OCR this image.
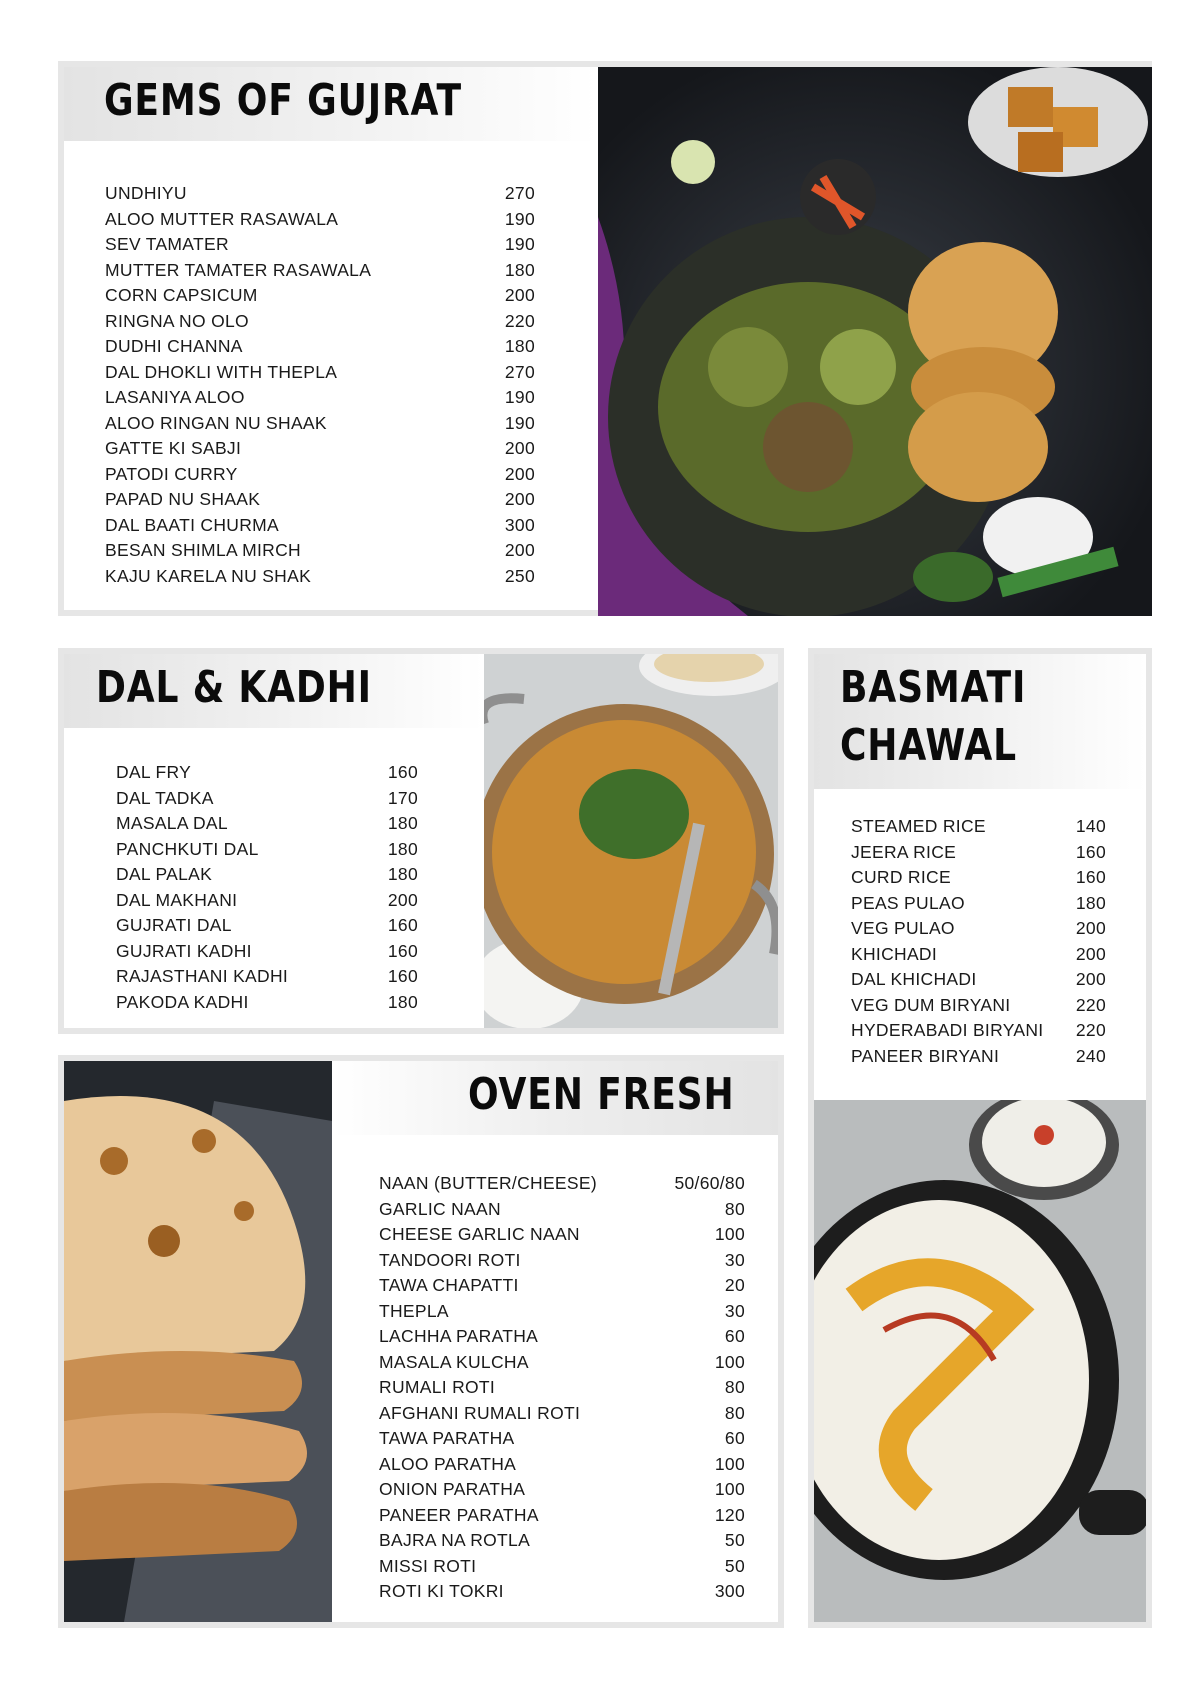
GEMS OF GUJRAT
UNDHIYU	270
ALOO MUTTER RASAWALA	190
SEV TAMATER	190
MUTTER TAMATER RASAWALA	180
CORN CAPSICUM	200
RINGNA NO OLO	220
DUDHI CHANNA	180
DAL DHOKLI WITH THEPLA	270
LASANIYA ALOO	190
ALOO RINGAN NU SHAAK	190
GATTE KI SABJI	200
PATODI CURRY	200
PAPAD NU SHAAK	200
DAL BAATI CHURMA	300
BESAN SHIMLA MIRCH	200
KAJU KARELA NU SHAK	250
DAL & KADHI
DAL FRY	160
DAL TADKA	170
MASALA DAL	180
PANCHKUTI DAL	180
DAL PALAK	180
DAL MAKHANI	200
GUJRATI DAL	160
GUJRATI KADHI	160
RAJASTHANI KADHI	160
PAKODA KADHI	180
BASMATI
CHAWAL
STEAMED RICE	140
JEERA RICE	160
CURD RICE	160
PEAS PULAO	180
VEG PULAO	200
KHICHADI	200
DAL KHICHADI	200
VEG DUM BIRYANI	220
HYDERABADI BIRYANI 220
PANEER BIRYANI	240
OVEN FRESH
NAAN (BUTTER/CHEESE)	50/60/80
GARLIC NAAN	80
CHEESE GARLIC NAAN	100
TANDOORI ROTI	30
TAWA CHAPATTI	20
THEPLA	30
LACHHA PARATHA	60
MASALA KULCHA	100
RUMALI ROTI	80
AFGHANI RUMALI ROTI	80
TAWA PARATHA	60
ALOO PARATHA	100
ONION PARATHA	100
PANEER PARATHA	120
BAJRA NA ROTLA	50
MISSI ROTI	50
ROTI KI TOKRI	300
